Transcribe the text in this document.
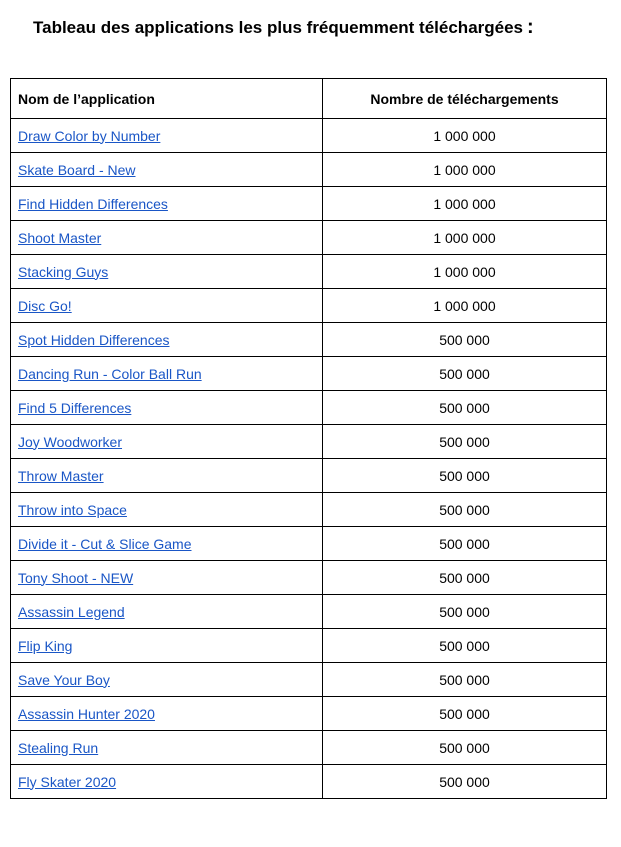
Tableau des applications les plus fréquemment téléchargées :
Nom de l’application	Nombre de téléchargements
Draw Color by Number	1 000 000
Skate Board - New	1 000 000
Find Hidden Differences	1 000 000
Shoot Master	1 000 000
Stacking Guys	1 000 000
Disc Go!	1 000 000
Spot Hidden Differences	500 000
Dancing Run - Color Ball Run	500 000
Find 5 Differences	500 000
Joy Woodworker	500 000
Throw Master	500 000
Throw into Space	500 000
Divide it - Cut & Slice Game	500 000
Tony Shoot - NEW	500 000
Assassin Legend	500 000
Flip King	500 000
Save Your Boy	500 000
Assassin Hunter 2020	500 000
Stealing Run	500 000
Fly Skater 2020	500 000
